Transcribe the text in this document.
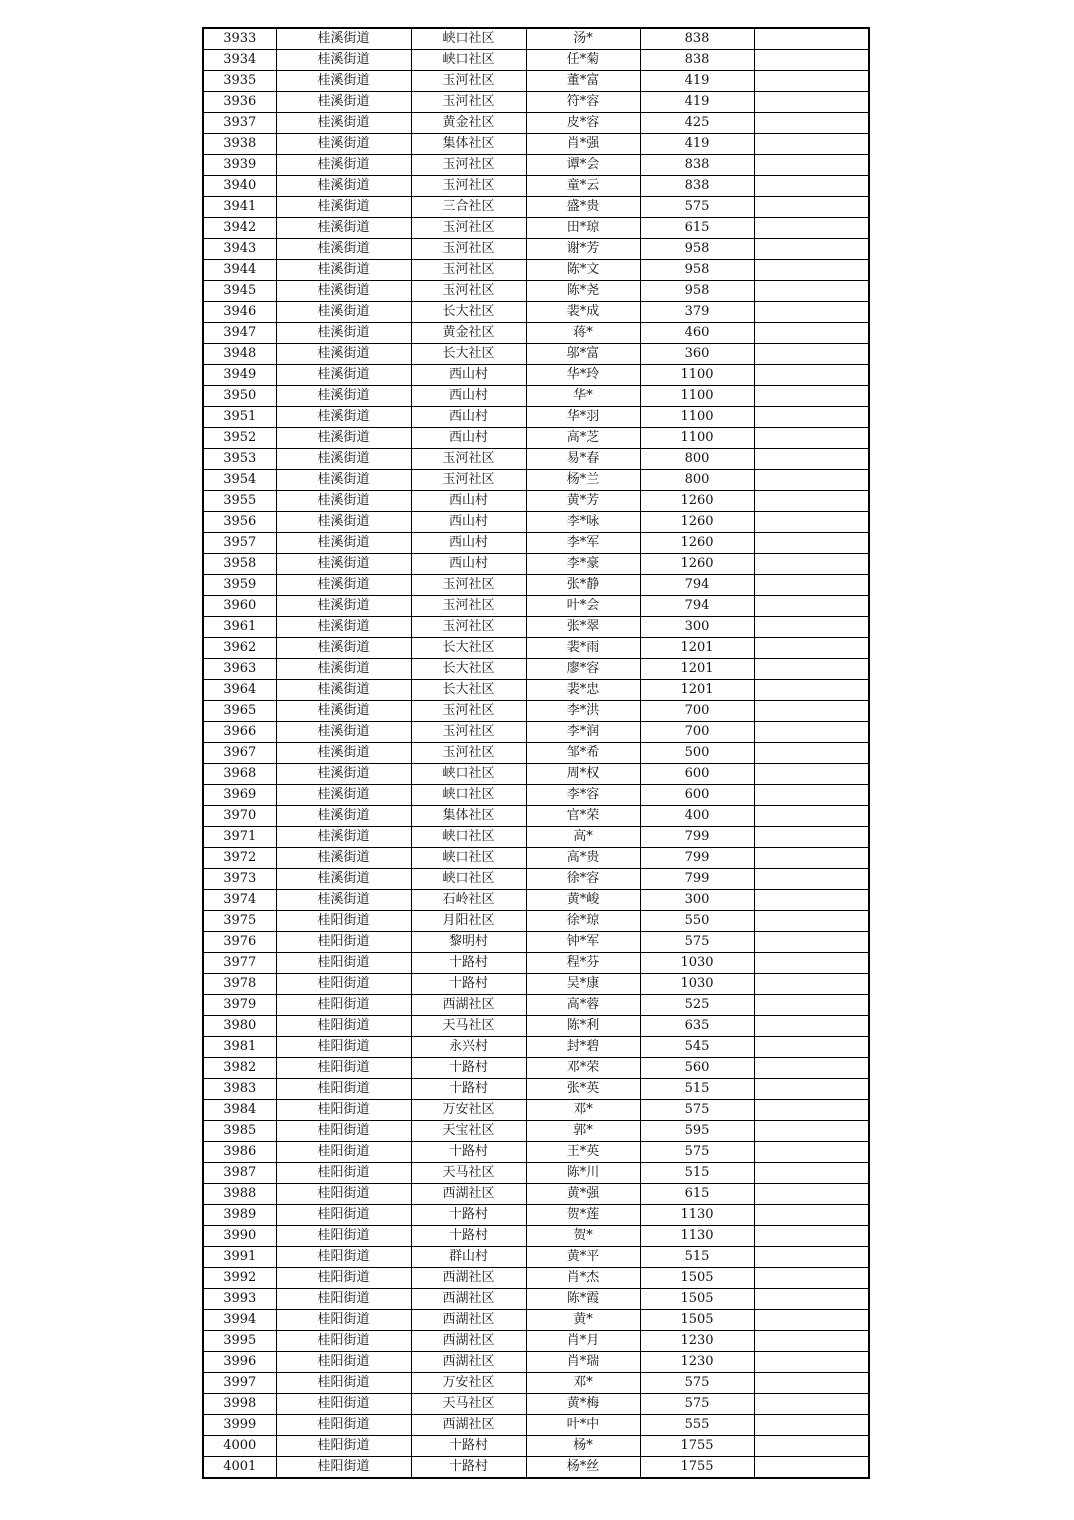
3933	桂溪街道	峡口社区	汤*	838	
3934	桂溪街道	峡口社区	任*菊	838	
3935	桂溪街道	玉河社区	董*富	419	
3936	桂溪街道	玉河社区	符*容	419	
3937	桂溪街道	黄金社区	皮*容	425	
3938	桂溪街道	集体社区	肖*强	419	
3939	桂溪街道	玉河社区	谭*会	838	
3940	桂溪街道	玉河社区	童*云	838	
3941	桂溪街道	三合社区	盛*贵	575	
3942	桂溪街道	玉河社区	田*琼	615	
3943	桂溪街道	玉河社区	谢*芳	958	
3944	桂溪街道	玉河社区	陈*文	958	
3945	桂溪街道	玉河社区	陈*尧	958	
3946	桂溪街道	长大社区	裴*成	379	
3947	桂溪街道	黄金社区	蒋*	460	
3948	桂溪街道	长大社区	邬*富	360	
3949	桂溪街道	西山村	华*玲	1100	
3950	桂溪街道	西山村	华*	1100	
3951	桂溪街道	西山村	华*羽	1100	
3952	桂溪街道	西山村	高*芝	1100	
3953	桂溪街道	玉河社区	易*春	800	
3954	桂溪街道	玉河社区	杨*兰	800	
3955	桂溪街道	西山村	黄*芳	1260	
3956	桂溪街道	西山村	李*咏	1260	
3957	桂溪街道	西山村	李*军	1260	
3958	桂溪街道	西山村	李*豪	1260	
3959	桂溪街道	玉河社区	张*静	794	
3960	桂溪街道	玉河社区	叶*会	794	
3961	桂溪街道	玉河社区	张*翠	300	
3962	桂溪街道	长大社区	裴*雨	1201	
3963	桂溪街道	长大社区	廖*容	1201	
3964	桂溪街道	长大社区	裴*忠	1201	
3965	桂溪街道	玉河社区	李*洪	700	
3966	桂溪街道	玉河社区	李*润	700	
3967	桂溪街道	玉河社区	邹*希	500	
3968	桂溪街道	峡口社区	周*权	600	
3969	桂溪街道	峡口社区	李*容	600	
3970	桂溪街道	集体社区	官*荣	400	
3971	桂溪街道	峡口社区	高*	799	
3972	桂溪街道	峡口社区	高*贵	799	
3973	桂溪街道	峡口社区	徐*容	799	
3974	桂溪街道	石岭社区	黄*峻	300	
3975	桂阳街道	月阳社区	徐*琼	550	
3976	桂阳街道	黎明村	钟*军	575	
3977	桂阳街道	十路村	程*芬	1030	
3978	桂阳街道	十路村	吴*康	1030	
3979	桂阳街道	西湖社区	高*蓉	525	
3980	桂阳街道	天马社区	陈*利	635	
3981	桂阳街道	永兴村	封*碧	545	
3982	桂阳街道	十路村	邓*荣	560	
3983	桂阳街道	十路村	张*英	515	
3984	桂阳街道	万安社区	邓*	575	
3985	桂阳街道	天宝社区	郭*	595	
3986	桂阳街道	十路村	王*英	575	
3987	桂阳街道	天马社区	陈*川	515	
3988	桂阳街道	西湖社区	黄*强	615	
3989	桂阳街道	十路村	贺*莲	1130	
3990	桂阳街道	十路村	贺*	1130	
3991	桂阳街道	群山村	黄*平	515	
3992	桂阳街道	西湖社区	肖*杰	1505	
3993	桂阳街道	西湖社区	陈*霞	1505	
3994	桂阳街道	西湖社区	黄*	1505	
3995	桂阳街道	西湖社区	肖*月	1230	
3996	桂阳街道	西湖社区	肖*瑞	1230	
3997	桂阳街道	万安社区	邓*	575	
3998	桂阳街道	天马社区	黄*梅	575	
3999	桂阳街道	西湖社区	叶*中	555	
4000	桂阳街道	十路村	杨*	1755	
4001	桂阳街道	十路村	杨*丝	1755	
